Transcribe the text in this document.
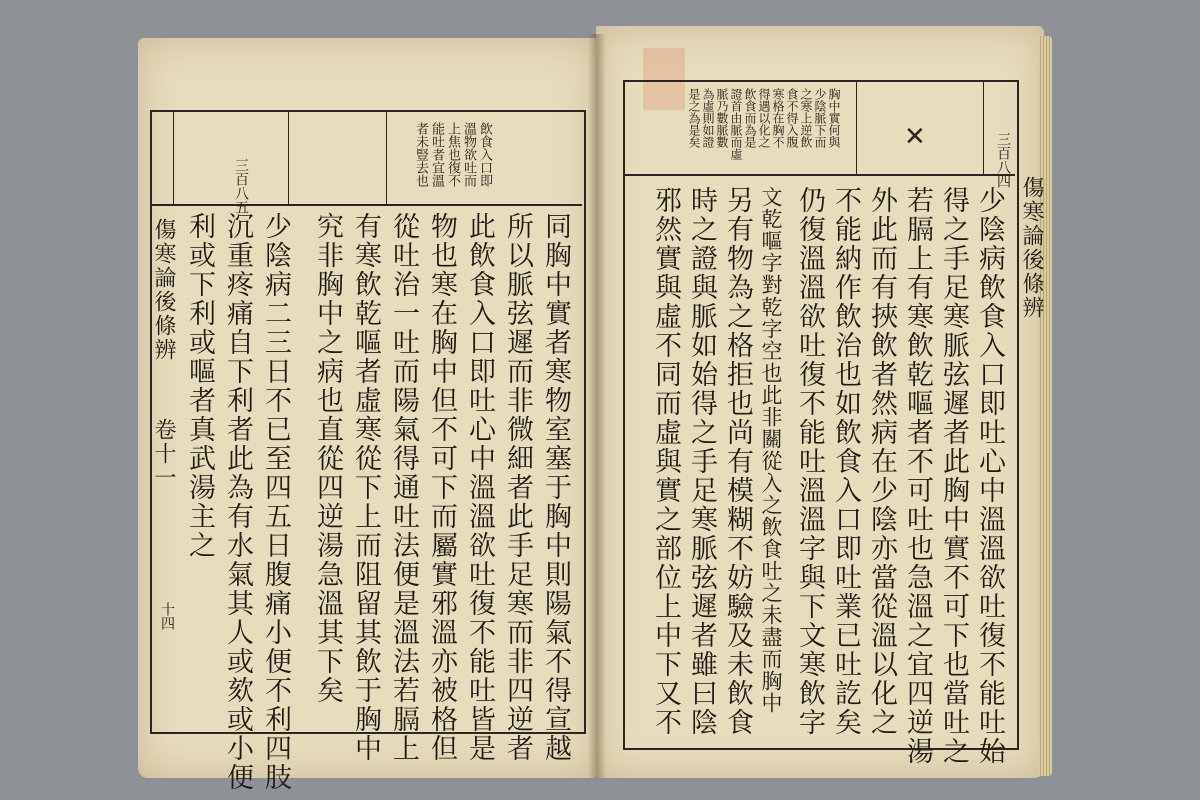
飲食入口即
溫物欲吐而
上焦也復不
能吐者宜溫
者未豎去也
三百八五
同胸中實者寒物室塞于胸中則陽氣不得宣越
所以脈弦遲而非微細者此手足寒而非四逆者
此飲食入口即吐心中溫溫欲吐復不能吐皆是
物也寒在胸中但不可下而屬實邪溫亦被格但
從吐治一吐而陽氣得通吐法便是溫法若膈上
有寒飲乾嘔者虛寒從下上而阻留其飲于胸中
究非胸中之病也直從四逆湯急溫其下矣
少陰病二三日不已至四五日腹痛小便不利四肢
沉重疼痛自下利者此為有水氣其人或欬或小便
利或下利或嘔者真武湯主之
傷寒論後條辨
卷十一
十四
胸中實何與
少陰脈下而
之寒上逆飲
食不得入腹
寒格在胸不
得遇以化之
飲食而為是
證首由脈而虛
脈乃數脈數
為虛則如證
是之為是矣	✕	三百八四
少陰病飲食入口即吐心中溫溫欲吐復不能吐始
得之手足寒脈弦遲者此胸中實不可下也當吐之
若膈上有寒飲乾嘔者不可吐也急溫之宜四逆湯
外此而有挾飲者然病在少陰亦當從溫以化之
不能納作飲治也如飲食入口即吐業已吐訖矣
仍復溫溫欲吐復不能吐溫溫字與下文寒飲字
文乾嘔字對乾字空也此非關從入之飲食吐之未盡而胸中
另有物為之格拒也尚有模糊不妨驗及未飲食
時之證與脈如始得之手足寒脈弦遲者雖曰陰
邪然實與虛不同而虛與實之部位上中下又不	傷寒論後條辨
